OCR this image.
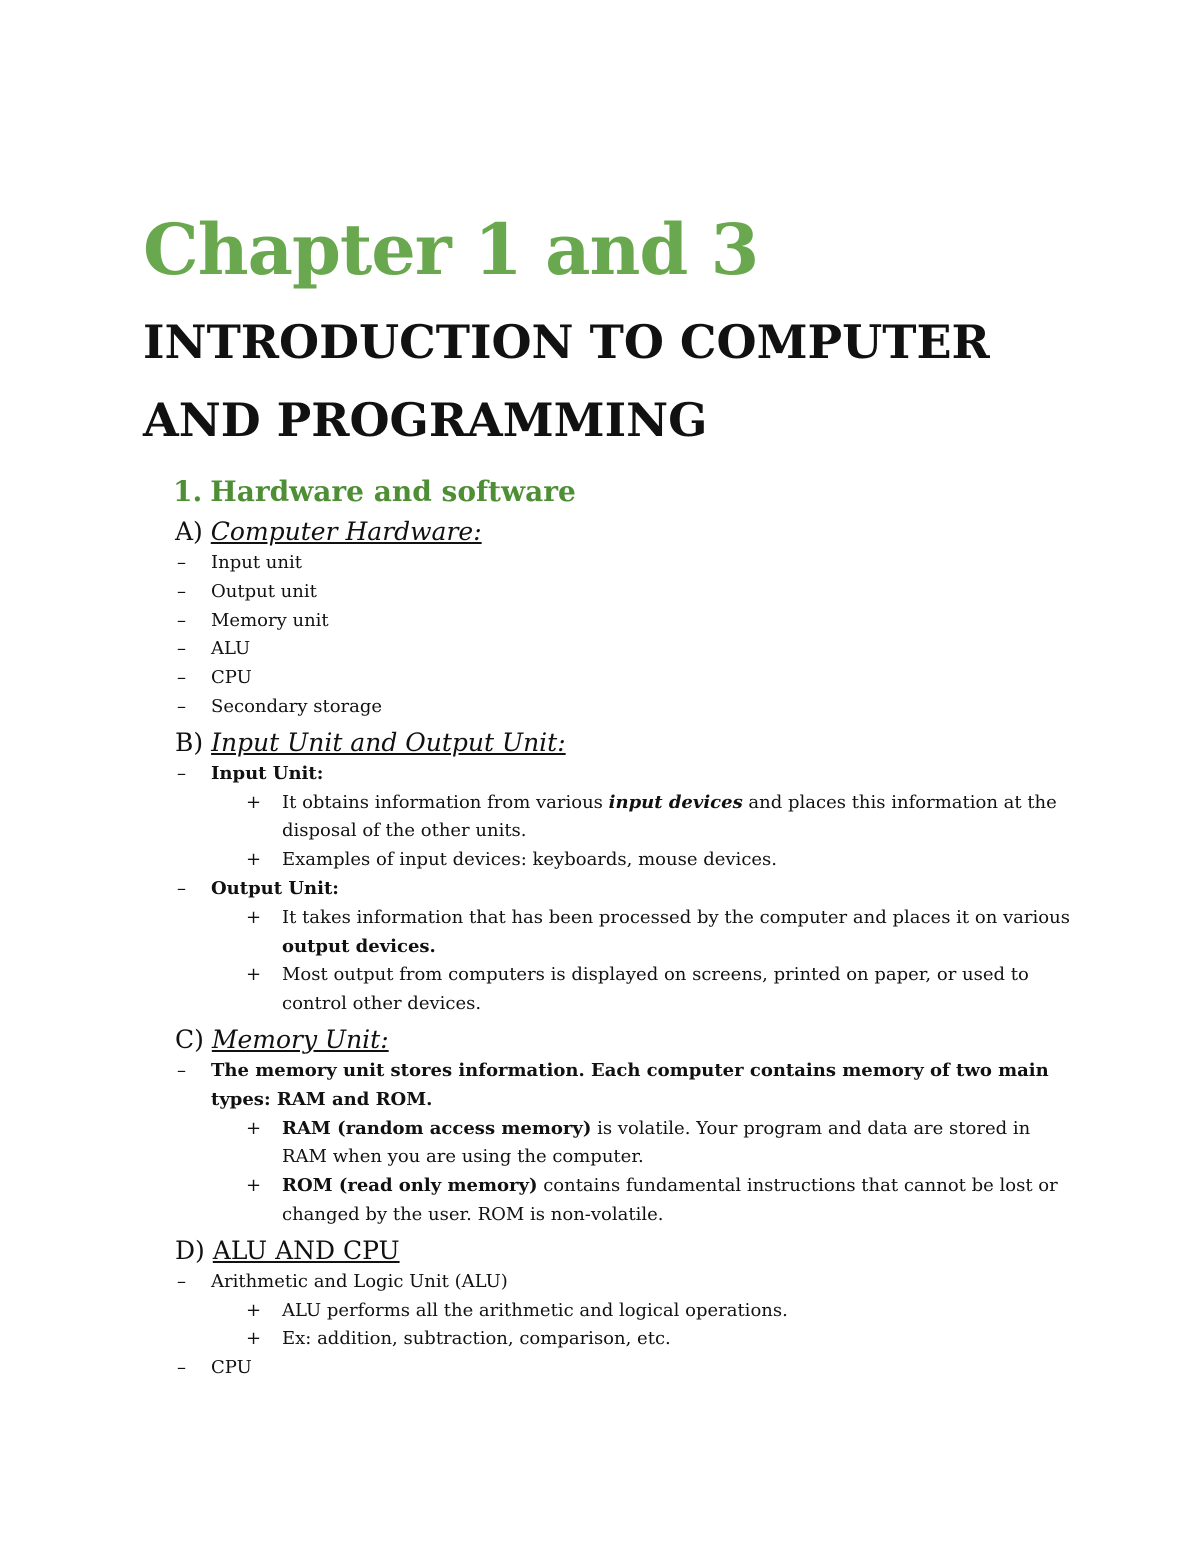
Chapter 1 and 3
INTRODUCTION TO COMPUTER AND PROGRAMMING
1. Hardware and software
A) Computer Hardware:
– Input unit
– Output unit
– Memory unit
– ALU
– CPU
– Secondary storage
B) Input Unit and Output Unit:
– Input Unit:
+ It obtains information from various input devices and places this information at the disposal of the other units.
+ Examples of input devices: keyboards, mouse devices.
– Output Unit:
+ It takes information that has been processed by the computer and places it on various output devices.
+ Most output from computers is displayed on screens, printed on paper, or used to control other devices.
C) Memory Unit:
– The memory unit stores information. Each computer contains memory of two main types: RAM and ROM.
+ RAM (random access memory) is volatile. Your program and data are stored in RAM when you are using the computer.
+ ROM (read only memory) contains fundamental instructions that cannot be lost or changed by the user. ROM is non-volatile.
D) ALU AND CPU
– Arithmetic and Logic Unit (ALU)
+ ALU performs all the arithmetic and logical operations.
+ Ex: addition, subtraction, comparison, etc.
– CPU
